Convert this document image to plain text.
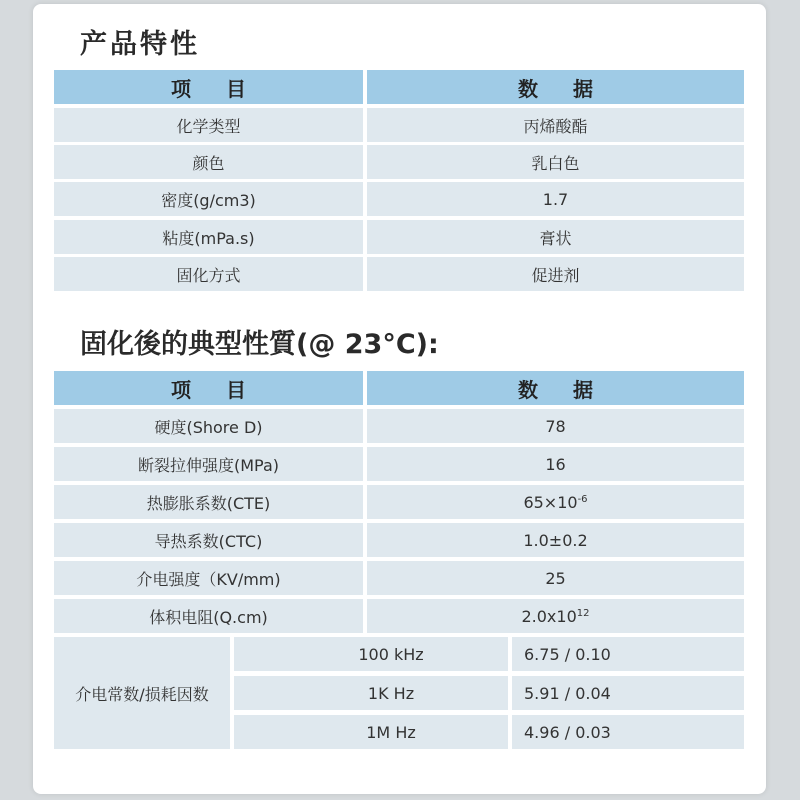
产品特性
项 目	数 据
化学类型	丙烯酸酯
颜色	乳白色
密度(g/cm3)	1.7
粘度(mPa.s)	膏状
固化方式	促进剂
固化後的典型性質(@ 23°C):
项 目	数 据
硬度(Shore D)	78
断裂拉伸强度(MPa)	16
热膨胀系数(CTE)	$65\times 10^{-6}$
导热系数(CTC)	1.0±0.2
介电强度（KV/mm)	25
体积电阻(Q.cm)	$2.0x10^{12}$
介电常数/损耗因数
100 kHz	6.75 / 0.10
1K Hz	5.91 / 0.04
1M Hz	4.96 / 0.03
